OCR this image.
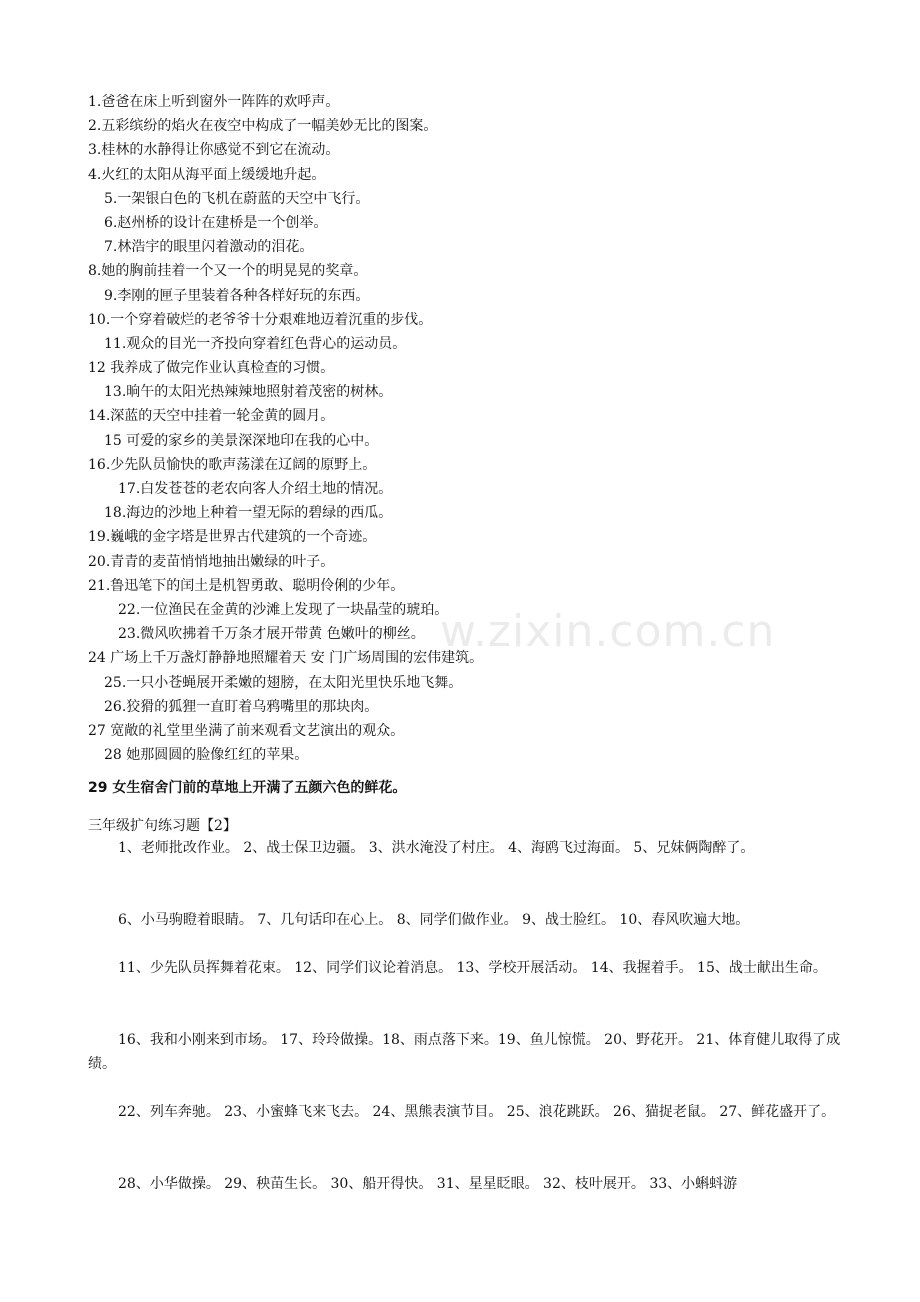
1.爸爸在床上听到窗外一阵阵的欢呼声。
2.五彩缤纷的焰火在夜空中构成了一幅美妙无比的图案。
3.桂林的水静得让你感觉不到它在流动。
4.火红的太阳从海平面上缓缓地升起。
5.一架银白色的飞机在蔚蓝的天空中飞行。
6.赵州桥的设计在建桥是一个创举。
7.林浩宇的眼里闪着激动的泪花。
8.她的胸前挂着一个又一个的明晃晃的奖章。
9.李刚的匣子里装着各种各样好玩的东西。
10.一个穿着破烂的老爷爷十分艰难地迈着沉重的步伐。
11.观众的目光一齐投向穿着红色背心的运动员。
12 我养成了做完作业认真检查的习惯。
13.晌午的太阳光热辣辣地照射着茂密的树林。
14.深蓝的天空中挂着一轮金黄的圆月。
15 可爱的家乡的美景深深地印在我的心中。
16.少先队员愉快的歌声荡漾在辽阔的原野上。
17.白发苍苍的老农向客人介绍土地的情况。
18.海边的沙地上种着一望无际的碧绿的西瓜。
19.巍峨的金字塔是世界古代建筑的一个奇迹。
20.青青的麦苗悄悄地抽出嫩绿的叶子。
21.鲁迅笔下的闰土是机智勇敢、聪明伶俐的少年。
22.一位渔民在金黄的沙滩上发现了一块晶莹的琥珀。
23.微风吹拂着千万条才展开带黄 色嫩叶的柳丝。
24 广场上千万盏灯静静地照耀着天 安 门广场周围的宏伟建筑。
25.一只小苍蝇展开柔嫩的翅膀，在太阳光里快乐地飞舞。
26.狡猾的狐狸一直盯着乌鸦嘴里的那块肉。
27 宽敞的礼堂里坐满了前来观看文艺演出的观众。
28 她那圆圆的脸像红红的苹果。
29 女生宿舍门前的草地上开满了五颜六色的鲜花。
三年级扩句练习题【2】
1、老师批改作业。 2、战士保卫边疆。 3、洪水淹没了村庄。 4、海鸥飞过海面。 5、兄妹俩陶醉了。
6、小马驹瞪着眼睛。 7、几句话印在心上。 8、同学们做作业。 9、战士脸红。 10、春风吹遍大地。
11、少先队员挥舞着花束。 12、同学们议论着消息。 13、学校开展活动。 14、我握着手。 15、战士献出生命。
16、我和小刚来到市场。 17、玲玲做操。18、雨点落下来。19、鱼儿惊慌。 20、野花开。 21、体育健儿取得了成绩。
22、列车奔驰。 23、小蜜蜂飞来飞去。 24、黑熊表演节目。 25、浪花跳跃。 26、猫捉老鼠。 27、鲜花盛开了。
28、小华做操。 29、秧苗生长。 30、船开得快。 31、星星眨眼。 32、枝叶展开。 33、小蝌蚪游
w.zixin.com.cn
